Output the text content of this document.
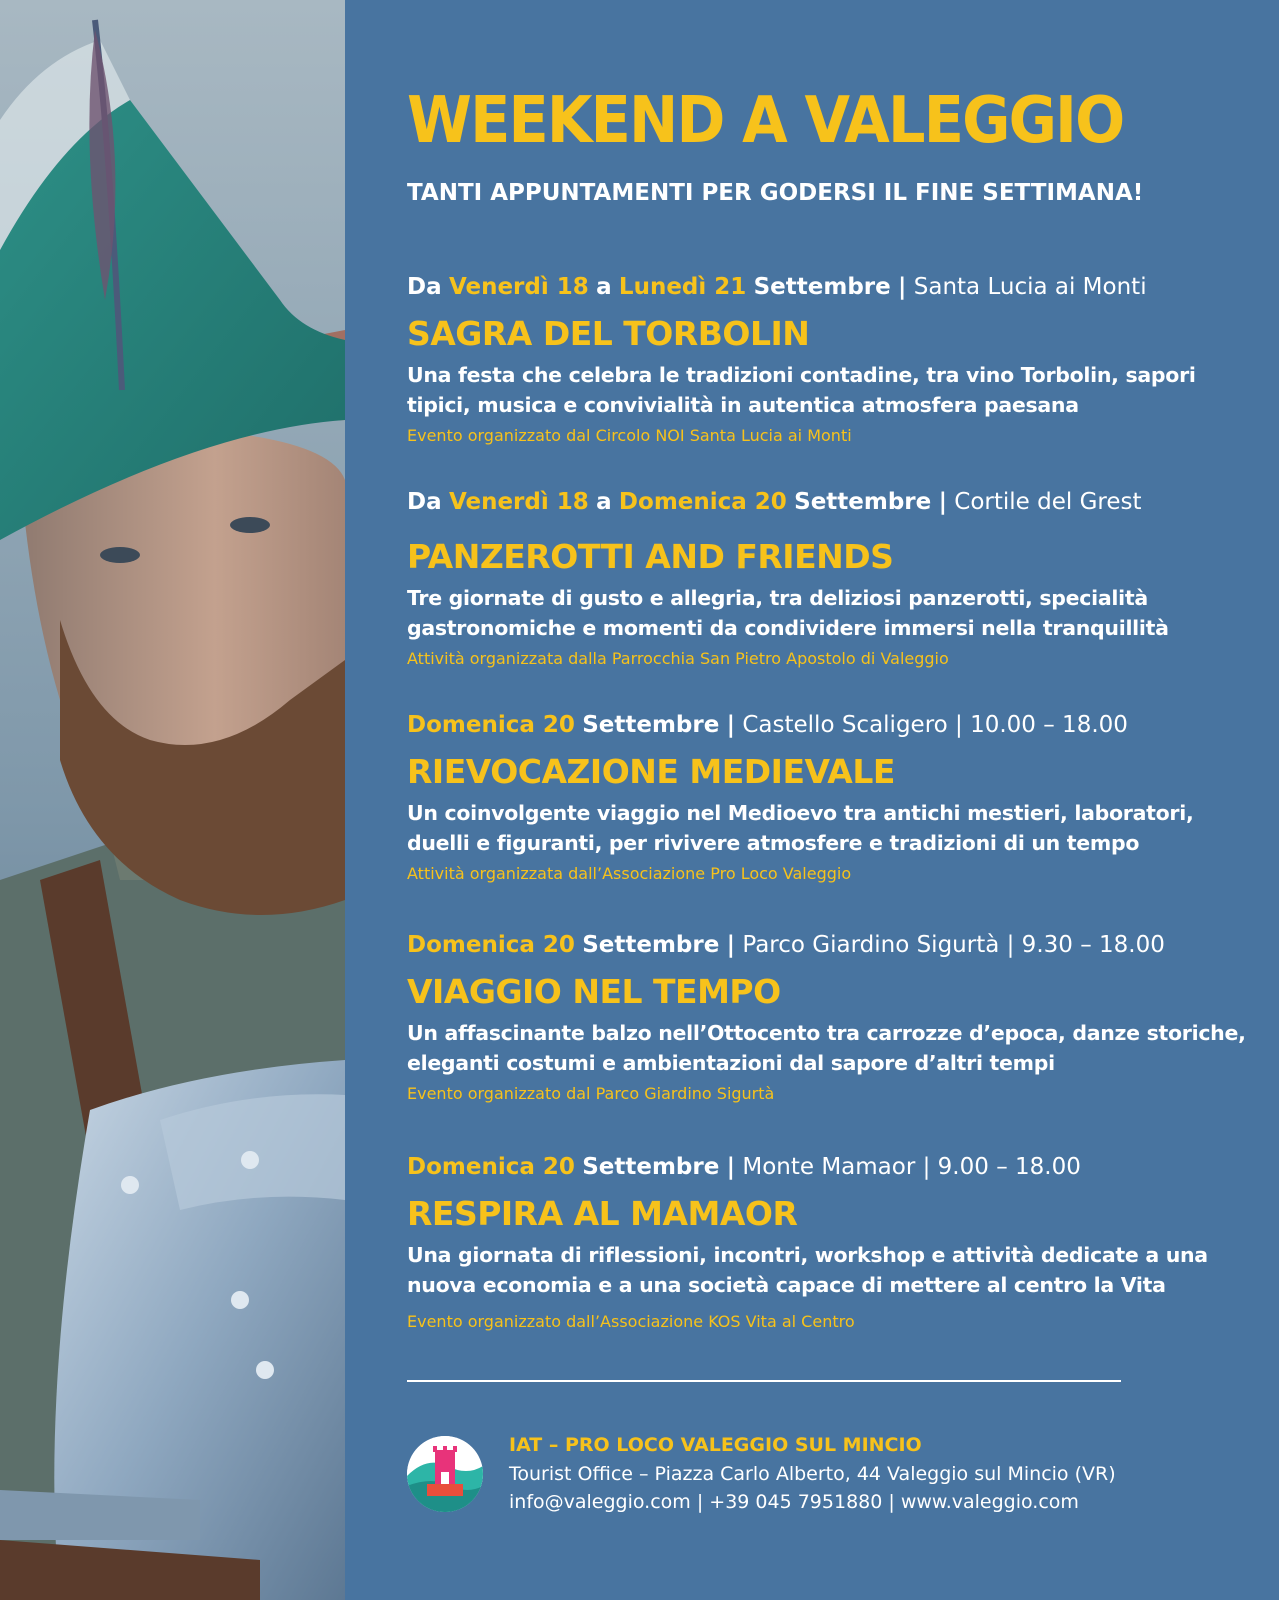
WEEKEND A VALEGGIO
TANTI APPUNTAMENTI PER GODERSI IL FINE SETTIMANA!
Da Venerdì 18 a Lunedì 21 Settembre | Santa Lucia ai Monti
SAGRA DEL TORBOLIN
Una festa che celebra le tradizioni contadine, tra vino Torbolin, sapori tipici, musica e convivialità in autentica atmosfera paesana
Evento organizzato dal Circolo NOI Santa Lucia ai Monti
Da Venerdì 18 a Domenica 20 Settembre | Cortile del Grest
PANZEROTTI AND FRIENDS
Tre giornate di gusto e allegria, tra deliziosi panzerotti, specialità gastronomiche e momenti da condividere immersi nella tranquillità
Attività organizzata dalla Parrocchia San Pietro Apostolo di Valeggio
Domenica 20 Settembre | Castello Scaligero | 10.00 – 18.00
RIEVOCAZIONE MEDIEVALE
Un coinvolgente viaggio nel Medioevo tra antichi mestieri, laboratori, duelli e figuranti, per rivivere atmosfere e tradizioni di un tempo
Attività organizzata dall’Associazione Pro Loco Valeggio
Domenica 20 Settembre | Parco Giardino Sigurtà | 9.30 – 18.00
VIAGGIO NEL TEMPO
Un affascinante balzo nell’Ottocento tra carrozze d’epoca, danze storiche, eleganti costumi e ambientazioni dal sapore d’altri tempi
Evento organizzato dal Parco Giardino Sigurtà
Domenica 20 Settembre | Monte Mamaor | 9.00 – 18.00
RESPIRA AL MAMAOR
Una giornata di riflessioni, incontri, workshop e attività dedicate a una nuova economia e a una società capace di mettere al centro la Vita
Evento organizzato dall’Associazione KOS Vita al Centro
IAT – PRO LOCO VALEGGIO SUL MINCIO
Tourist Office – Piazza Carlo Alberto, 44 Valeggio sul Mincio (VR)
info@valeggio.com | +39 045 7951880 | www.valeggio.com
